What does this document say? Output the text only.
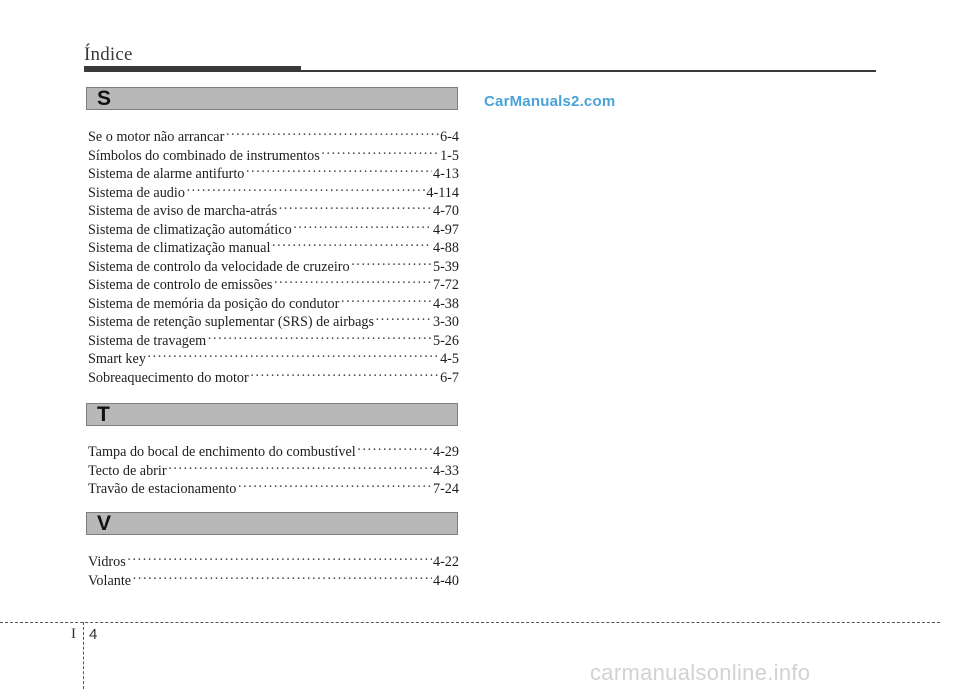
Índice
CarManuals2.com
S
Se o motor não arrancar ·····	6-4
Símbolos do combinado de instrumentos ·····	1-5
Sistema de alarme antifurto ·····	4-13
Sistema de audio ·····	4-114
Sistema de aviso de marcha-atrás ·····	4-70
Sistema de climatização automático ·····	4-97
Sistema de climatização manual ·····	4-88
Sistema de controlo da velocidade de cruzeiro ·····	5-39
Sistema de controlo de emissões ·····	7-72
Sistema de memória da posição do condutor ·····	4-38
Sistema de retenção suplementar (SRS) de airbags ·····	3-30
Sistema de travagem ·····	5-26
Smart key ·····	4-5
Sobreaquecimento do motor ·····	6-7
T
Tampa do bocal de enchimento do combustível ·····	4-29
Tecto de abrir ·····	4-33
Travão de estacionamento ·····	7-24
V
Vidros ·····	4-22
Volante ·····	4-40
I 4
carmanualsonline.info
